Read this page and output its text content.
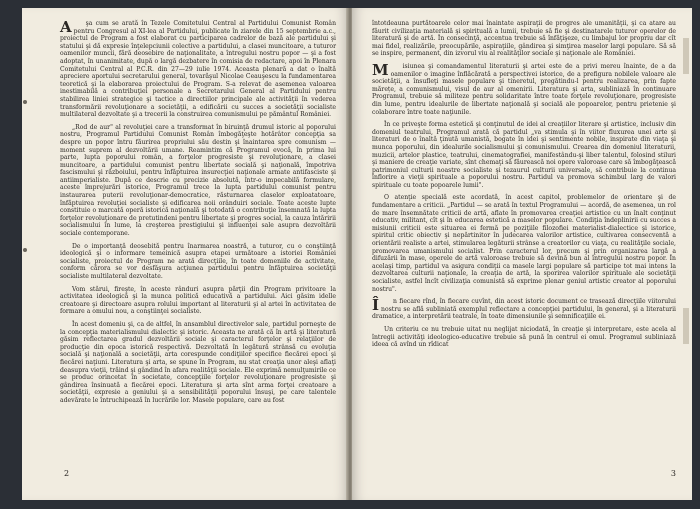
Aşa cum se arată în Tezele Comitetului Central al Partidului Comunist Român pentru Congresul al XI-lea al Partidului, publicate în ziarele din 15 septembrie a.c., proiectul de Program a fost elaborat cu participarea cadrelor de bază ale partidului şi statului şi dă expresie înţelepciunii colective a partidului, a clasei muncitoare, a tuturor oamenilor muncii, fără deosebire de naţionalitate, a întregului nostru popor — şi a fost adoptat, în unanimitate, după o largă dezbatere în comisia de redactare, apoi în Plenara Comitetului Central al P.C.R. din 27—29 iulie 1974. Aceasta plenară a dat o înaltă apreciere aportului secretarului general, tovarăşul Nicolae Ceauşescu la fundamentarea teoretică şi la elaborarea proiectului de Program. S-a relevat de asemenea valoarea inestimabilă a contribuţiei personale a Secretarului General al Partidului pentru stabilirea liniei strategice şi tactice a directiilor principale ale activităţii în vederea transformării revoluţionare a societăţii, a edificării cu succes a societăţii socialiste multilateral dezvoltate şi a trecerii la construirea comunismului pe pământul României.

„Rod de aur" al revoluţiei care a transformat în biruinţă drumul istoric al poporului nostru, Programul Partidului Comunist Român îmbogăţeşte hotărâtor concepţia sa despre un popor întru făurirea propriului său destin şi înaintarea spre comunism — moment suprem al dezvoltării umane. Reamintim că Programul evocă, în prima lui parte, lupta poporului român, a forţelor progresiste şi revoluţionare, a clasei muncitoare, a partidului comunist pentru libertate socială şi naţională, împotriva fascismului şi războiului, pentru înfăptuirea insurecţiei naţionale armate antifasciste şi antiimperialiste. După ce descrie cu precizie absolută, într-o impecabilă formulare, aceste împrejurări istorice, Programul trece la lupta partidului comunist pentru instaurarea puterii revoluţionar-democratice, răsturnarea claselor exploatatoare, înfăptuirea revoluţiei socialiste şi edificarea noii orânduiri sociale. Toate aceste lupte constituie o marcată operă istorică naţională şi totodată o contribuţie însemnată la lupta forţelor revoluţionare de pretutindeni pentru libertate şi progres social, la cauza întăririi socialismului în lume, la creşterea prestigiului şi influenţei sale asupra dezvoltării sociale contemporane.

De o importanţă deosebită pentru înarmarea noastră, a tuturor, cu o conştiinţă ideologică şi o informare temeinică asupra etapei următoare a istoriei României socialiste, proiectul de Program ne arată direcţiile, în toate domeniile de activitate, conform cărora se vor desfăşura acţiunea partidului pentru înfăptuirea societăţii socialiste multilateral dezvoltate.

Vom stărui, fireşte, în aceste rânduri asupra părţii din Program privitoare la activitatea ideologică şi la munca politică educativă a partidului. Aici găsim idelle creatoare şi directoare asupra rolului important al literaturii şi al artei în activitatea de formare a omului nou, a conştiinţei socialiste.

În acest domeniu şi, ca de altfel, în ansamblul directivelor sale, partidul porneşte de la concepţia materialismului dialectic şi istoric. Aceasta ne arată că în artă şi literatură găsim reflectarea gradul dezvoltării sociale şi caracterul forţelor şi relaţiilor de producţie din epoca istorică respectivă. Dezvoltată în legătură strânsă cu evoluţia socială şi naţională a societăţii, arta corespunde condiţiilor specifice fiecărei epoci şi fiecărei naţiuni. Literatura şi arta, se spune în Program, nu stat creaţia unor aleşi aflaţi deasupra vieţii, trăind şi gândind în afara realităţii sociale. Ele exprimă nemulţumirile ce se produc orincetat în societate, concepţiile forţelor revoluţionare progresiste şi gândirea însinuată a fiecărei epoci. Literatura şi arta sînt arma forţei creatoare a societăţii, expresie a geniului şi a sensibilităţii poporului însuşi, pe care talentele adevărate le întruchipează în lucrările lor. Masele populare, care au fost

2

întotdeauna purtătoarele celor mai înaintate aspiraţii de progres ale umanităţii, şi ca atare au făurit civilizaţia materială şi spirituală a lumii, trebuie să fie şi destinatarele tuturor operelor de literatură şi de artă. În consecinţă, accentua trebuie să înfăţişeze, cu limbajul lor propriu dar cît mai fidel, realizările, preocupările, aspiraţiile, gândirea şi simţirea maselor largi populare. Să să se inspire, permanent, din izvorul viu al realităţilor sociale şi naţionale ale României.

Misiunea şi comandamentul literaturii şi artei este de a privi mereu înainte, de a da oamenilor o imagine înflăcărată a perspectivei istorice, de a prefigura nobilele valoare ale societăţii, a însufleţi masele populare şi tineretul, pregătindu-l pentru realizarea, prin fapte mărețe, a comunismului, visul de aur al omenirii. Literatura şi arta, subliniază în continuare Programul, trebuie să militeze pentru solidaritate între toate forţele revoluţionare, progresiste din lume, pentru idealurile de libertate naţională şi socială ale popoarelor, pentru prietenie şi colaborare între toate naţiunile.

În ce priveşte forma estetică şi conţinutul de idei al creaţiilor literare şi artistice, inclusiv din domeniul teatrului, Programul arată că partidul „va stimula şi în viitor fluxurea unei arte şi literaturi de o înaltă ţinută umanistă, bogate în idei şi sentimente nobile, inspirate din viaţa şi munca poporului, din idealurile socialismului şi comunismului. Crearea din domeniul literaturii, muzicii, artelor plastice, teatrului, cinematografiei, manifestându-şi liber talentul, folosind stiluri şi maniere de creaţie variate, sînt chemaţi să făurească noi opere valoroase care să îmbogăţească patrimoniul culturii noastre socialiste şi tezaurul culturii universale, să contribuie la continua înflorire a vieţii spirituale a poporului nostru. Partidul va promova schimbul larg de valori spirituale cu toate popoarele lumii".

O atenţie specială este acordată, în acest capitol, problemelor de orientare şi de fundamentare a criticii. „Partidul — se arată în textul Programului — acordă, de asemenea, un rol de mare însemnătate criticii de artă, aflate în promovarea creaţiei artistice cu un înalt conţinut educativ, militant, cît şi în educarea estetică a maselor populare. Condiţia îndeplinirii cu succes a misiunii criticii este situarea ei fermă pe poziţiile filozofiei materialist-dialectice şi istorice, spiritul critic obiectiv şi nepărtinitor în judecarea valorilor artistice, cultivarea consecventă a orientării realiste a artei, stimularea legăturii strânse a creatorilor cu viaţa, cu realităţile sociale, promovarea umanismului socialist. Prin caracterul lor, precum şi prin organizarea largă a difuzării în mase, operele de artă valoroase trebuie să devină bun al întregului nostru popor. În acelaşi timp, partidul va asigura condiţii ca masele largi populare să participe tot mai intens la dezvoltarea culturii naţionale, la creaţia de artă, la sporirea valorilor spirituale ale societăţii socialiste, astfel încît civilizaţia comunistă să exprime plenar geniul artistic creator al poporului nostru".

În fiecare rînd, în fiecare cuvînt, din acest istoric document ce trasează direcţiile viitorului nostru se află subliniată exemplul reflectare a concepţiei partidului, în general, şi a literaturii dramatice, a interpretării teatrale, în toate dimensiunile şi semnificaţiile ei.

Un criteriu ce nu trebuie uitat nu neglijat niciodată, în creaţie şi interpretare, este acela al întregii activităţi ideologico-educative trebuie să pună în centrul ei omul. Programul subliniază ideea că avînd un rîdicat

3
